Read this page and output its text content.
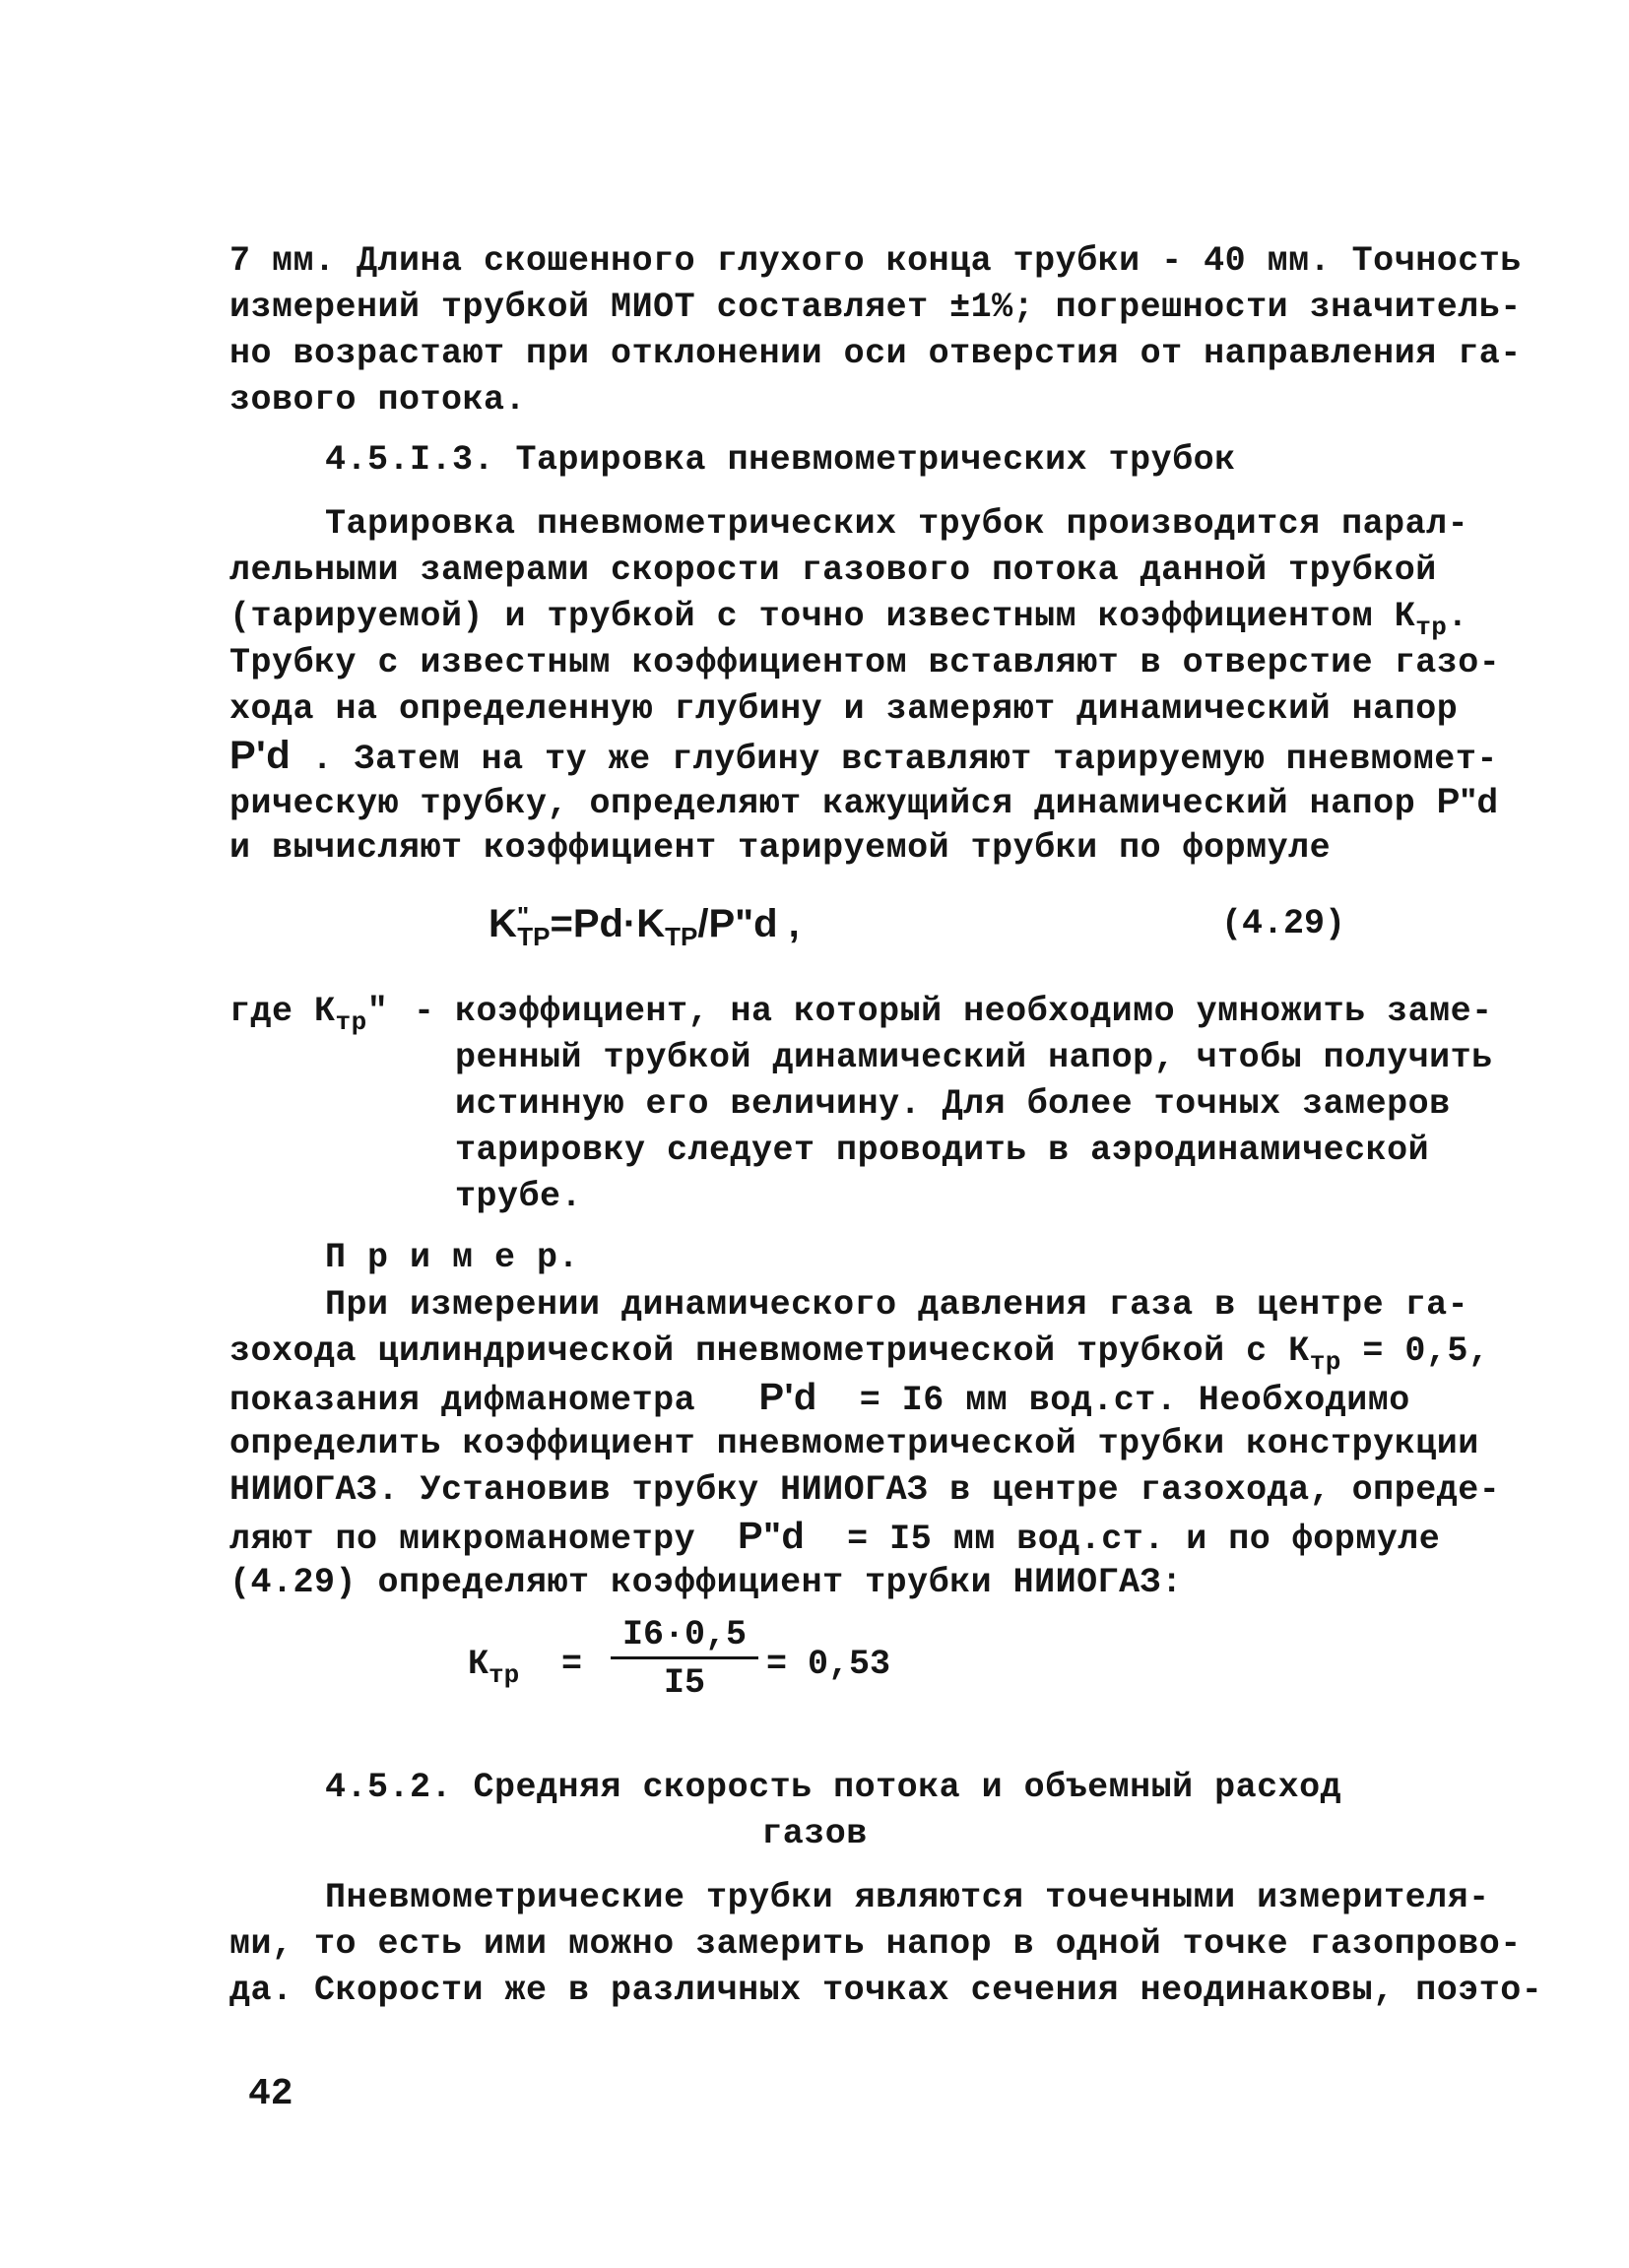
7 мм. Длина скошенного глухого конца трубки - 40 мм. Точность
измерений трубкой МИОТ составляет ±1%; погрешности значитель-
но возрастают при отклонении оси отверстия от направления га-
зового потока.
4.5.I.3. Тарировка пневмометрических трубок
Тарировка пневмометрических трубок производится парал-
лельными замерами скорости газового потока данной трубкой
(тарируемой) и трубкой с точно известным коэффициентом $К_{тр}$.
Трубку с известным коэффициентом вставляют в отверстие газо-
хода на определенную глубину и замеряют динамический напор
P'd . Затем на ту же глубину вставляют тарируемую пневмомет-
рическую трубку, определяют кажущийся динамический напор P"d
и вычисляют коэффициент тарируемой трубки по формуле
$K^"_{TP}=Pd\cdot K_{TP}/P"d$ ,	(4.29)
где $К_{тр}$" - коэффициент, на который необходимо умножить заме-
ренный трубкой динамический напор, чтобы получить
истинную его величину. Для более точных замеров
тарировку следует проводить в аэродинамической
трубе.
П р и м е р.
При измерении динамического давления газа в центре га-
зохода цилиндрической пневмометрической трубкой с $К_{тр} = 0,5$,
показания дифманометра   P'd  = I6 мм вод.ст. Необходимо
определить коэффициент пневмометрической трубки конструкции
НИИОГАЗ. Установив трубку НИИОГАЗ в центре газохода, опреде-
ляют по микроманометру  P"d  = I5 мм вод.ст. и по формуле
(4.29) определяют коэффициент трубки НИИОГАЗ:
$К_{тр} = \frac{I6\cdot 0,5}{I5} = 0,53$
4.5.2. Средняя скорость потока и объемный расход
газов
Пневмометрические трубки являются точечными измерителя-
ми, то есть ими можно замерить напор в одной точке газопрово-
да. Скорости же в различных точках сечения неодинаковы, поэто-
42
